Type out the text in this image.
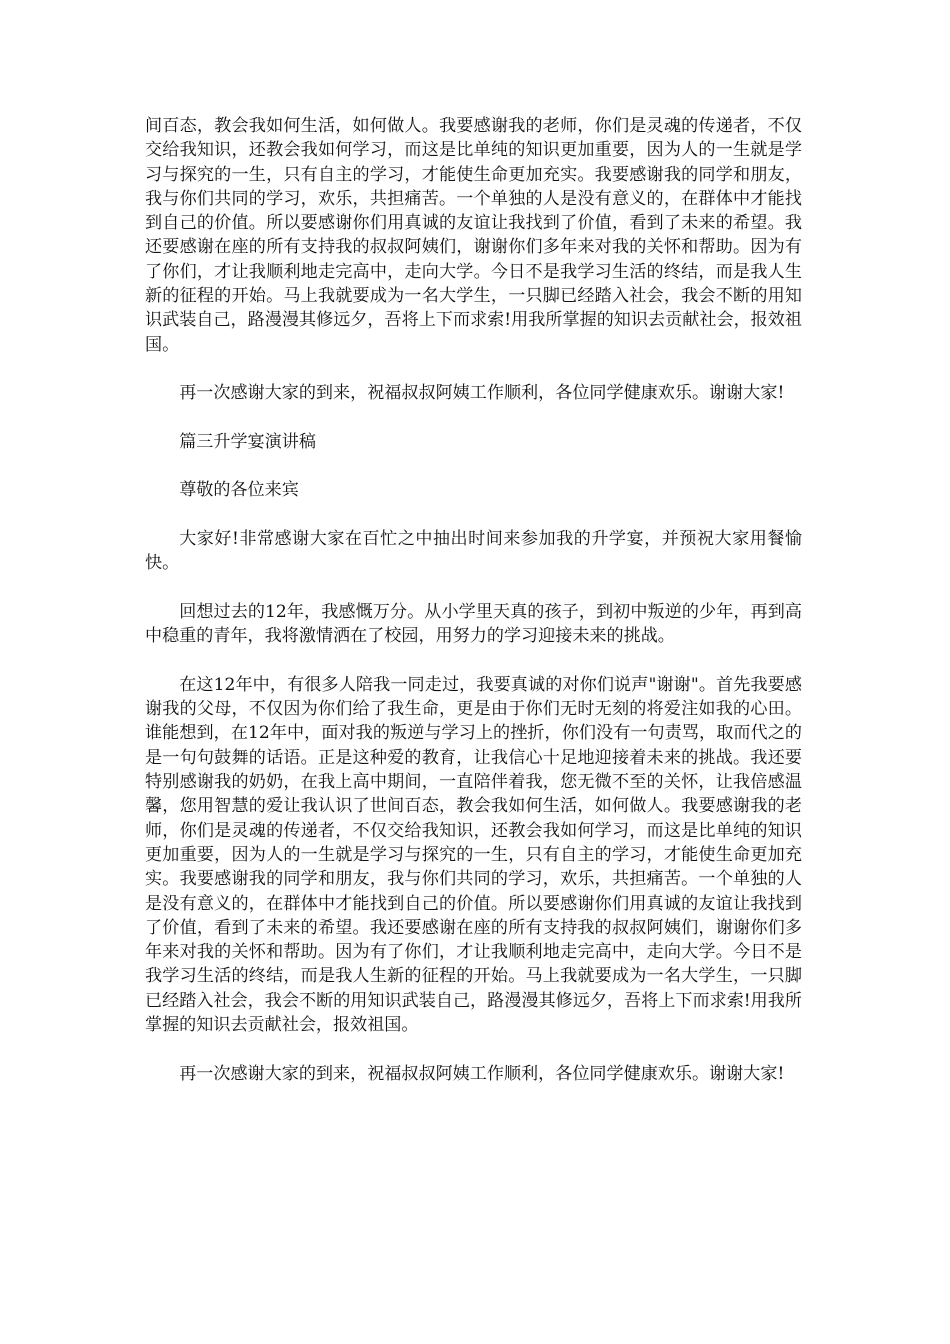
间百态，教会我如何生活，如何做人。我要感谢我的老师，你们是灵魂的传递者，不仅交给我知识，还教会我如何学习，而这是比单纯的知识更加重要，因为人的一生就是学习与探究的一生，只有自主的学习，才能使生命更加充实。我要感谢我的同学和朋友，我与你们共同的学习，欢乐，共担痛苦。一个单独的人是没有意义的，在群体中才能找到自己的价值。所以要感谢你们用真诚的友谊让我找到了价值，看到了未来的希望。我还要感谢在座的所有支持我的叔叔阿姨们，谢谢你们多年来对我的关怀和帮助。因为有了你们，才让我顺利地走完高中，走向大学。今日不是我学习生活的终结，而是我人生新的征程的开始。马上我就要成为一名大学生，一只脚已经踏入社会，我会不断的用知识武装自己，路漫漫其修远夕，吾将上下而求索!用我所掌握的知识去贡献社会，报效祖国。

再一次感谢大家的到来，祝福叔叔阿姨工作顺利，各位同学健康欢乐。谢谢大家!

篇三升学宴演讲稿

尊敬的各位来宾

大家好!非常感谢大家在百忙之中抽出时间来参加我的升学宴，并预祝大家用餐愉快。

回想过去的12年，我感慨万分。从小学里天真的孩子，到初中叛逆的少年，再到高中稳重的青年，我将激情洒在了校园，用努力的学习迎接未来的挑战。

在这12年中，有很多人陪我一同走过，我要真诚的对你们说声"谢谢"。首先我要感谢我的父母，不仅因为你们给了我生命，更是由于你们无时无刻的将爱注如我的心田。谁能想到，在12年中，面对我的叛逆与学习上的挫折，你们没有一句责骂，取而代之的是一句句鼓舞的话语。正是这种爱的教育，让我信心十足地迎接着未来的挑战。我还要特别感谢我的奶奶，在我上高中期间，一直陪伴着我，您无微不至的关怀，让我倍感温馨，您用智慧的爱让我认识了世间百态，教会我如何生活，如何做人。我要感谢我的老师，你们是灵魂的传递者，不仅交给我知识，还教会我如何学习，而这是比单纯的知识更加重要，因为人的一生就是学习与探究的一生，只有自主的学习，才能使生命更加充实。我要感谢我的同学和朋友，我与你们共同的学习，欢乐，共担痛苦。一个单独的人是没有意义的，在群体中才能找到自己的价值。所以要感谢你们用真诚的友谊让我找到了价值，看到了未来的希望。我还要感谢在座的所有支持我的叔叔阿姨们，谢谢你们多年来对我的关怀和帮助。因为有了你们，才让我顺利地走完高中，走向大学。今日不是我学习生活的终结，而是我人生新的征程的开始。马上我就要成为一名大学生，一只脚已经踏入社会，我会不断的用知识武装自己，路漫漫其修远夕，吾将上下而求索!用我所掌握的知识去贡献社会，报效祖国。

再一次感谢大家的到来，祝福叔叔阿姨工作顺利，各位同学健康欢乐。谢谢大家!
